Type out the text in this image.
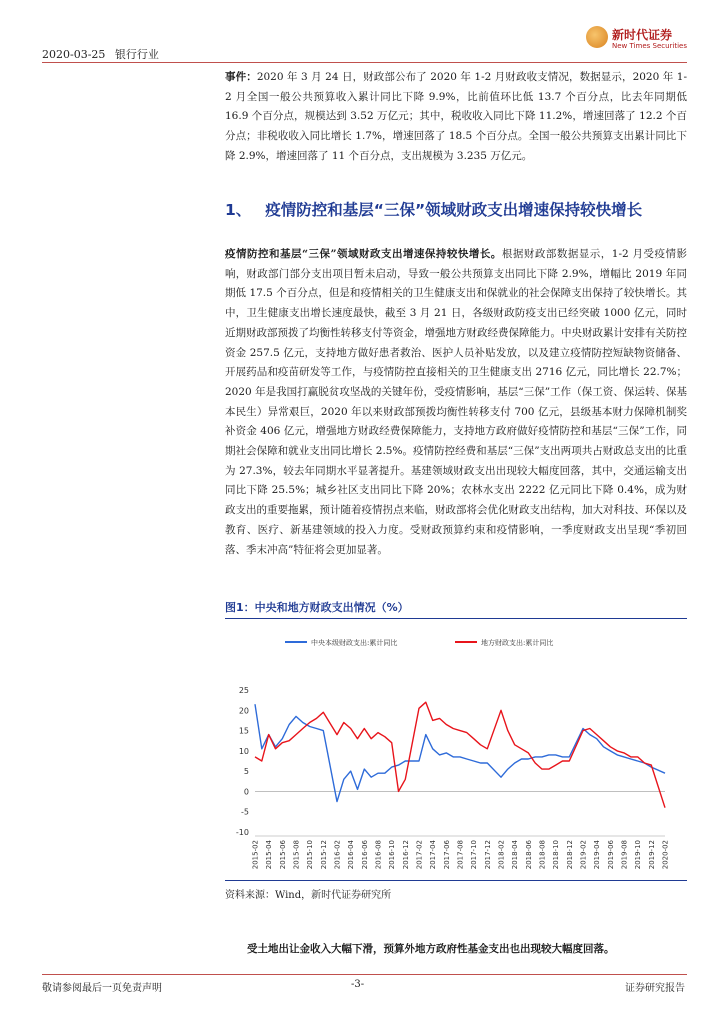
2020-03-25 银行行业
新时代证券
New Times Securities
事件：2020 年 3 月 24 日，财政部公布了 2020 年 1-2 月财政收支情况，数据显示，2020 年 1-2 月全国一般公共预算收入累计同比下降 9.9%，比前值环比低 13.7 个百分点，比去年同期低 16.9 个百分点，规模达到 3.52 万亿元；其中，税收收入同比下降 11.2%，增速回落了 12.2 个百分点；非税收收入同比增长 1.7%，增速回落了 18.5 个百分点。全国一般公共预算支出累计同比下降 2.9%，增速回落了 11 个百分点，支出规模为 3.235 万亿元。
1、 疫情防控和基层“三保”领域财政支出增速保持较快增长
疫情防控和基层“三保”领域财政支出增速保持较快增长。根据财政部数据显示，1-2 月受疫情影响，财政部门部分支出项目暂未启动，导致一般公共预算支出同比下降 2.9%，增幅比 2019 年同期低 17.5 个百分点，但是和疫情相关的卫生健康支出和保就业的社会保障支出保持了较快增长。其中，卫生健康支出增长速度最快，截至 3 月 21 日，各级财政防疫支出已经突破 1000 亿元，同时近期财政部预拨了均衡性转移支付等资金，增强地方财政经费保障能力。中央财政累计安排有关防控资金 257.5 亿元，支持地方做好患者救治、医护人员补贴发放，以及建立疫情防控短缺物资储备、开展药品和疫苗研发等工作，与疫情防控直接相关的卫生健康支出 2716 亿元，同比增长 22.7%；2020 年是我国打赢脱贫攻坚战的关键年份，受疫情影响，基层“三保”工作（保工资、保运转、保基本民生）异常艰巨，2020 年以来财政部预拨均衡性转移支付 700 亿元，县级基本财力保障机制奖补资金 406 亿元，增强地方财政经费保障能力，支持地方政府做好疫情防控和基层“三保”工作，同期社会保障和就业支出同比增长 2.5%。疫情防控经费和基层“三保”支出两项共占财政总支出的比重为 27.3%，较去年同期水平显著提升。基建领域财政支出出现较大幅度回落，其中，交通运输支出同比下降 25.5%；城乡社区支出同比下降 20%；农林水支出 2222 亿元同比下降 0.4%，成为财政支出的重要拖累，预计随着疫情拐点来临，财政部将会优化财政支出结构，加大对科技、环保以及教育、医疗、新基建领域的投入力度。受财政预算约束和疫情影响，一季度财政支出呈现“季初回落、季末冲高”特征将会更加显著。
图1：中央和地方财政支出情况（%）
中央本级财政支出:累计同比	地方财政支出:累计同比
-10
-5
0
5
10
15
20
25
2015-02 2015-04 2015-06 2015-08 2015-10 2015-12 2016-02 2016-04 2016-06 2016-08 2016-10 2016-12 2017-02 2017-04 2017-06 2017-08 2017-10 2017-12 2018-02 2018-04 2018-06 2018-08 2018-10 2018-12 2019-02 2019-04 2019-06 2019-08 2019-10 2019-12 2020-02
资料来源：Wind，新时代证券研究所
受土地出让金收入大幅下滑，预算外地方政府性基金支出也出现较大幅度回落。
敬请参阅最后一页免责声明	-3-	证券研究报告
